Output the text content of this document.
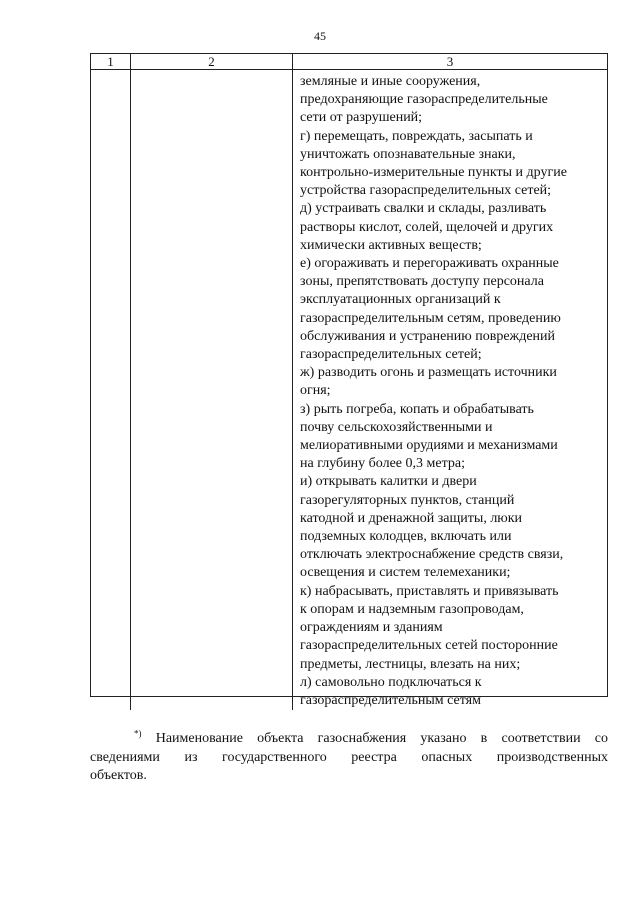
45
1	2	3
земляные и иные сооружения,
предохраняющие газораспределительные
сети от разрушений;
г) перемещать, повреждать, засыпать и
уничтожать опознавательные знаки,
контрольно-измерительные пункты и другие
устройства газораспределительных сетей;
д) устраивать свалки и склады, разливать
растворы кислот, солей, щелочей и других
химически активных веществ;
е) огораживать и перегораживать охранные
зоны, препятствовать доступу персонала
эксплуатационных организаций к
газораспределительным сетям, проведению
обслуживания и устранению повреждений
газораспределительных сетей;
ж) разводить огонь и размещать источники
огня;
з) рыть погреба, копать и обрабатывать
почву сельскохозяйственными и
мелиоративными орудиями и механизмами
на глубину более 0,3 метра;
и) открывать калитки и двери
газорегуляторных пунктов, станций
катодной и дренажной защиты, люки
подземных колодцев, включать или
отключать электроснабжение средств связи,
освещения и систем телемеханики;
к) набрасывать, приставлять и привязывать
к опорам и надземным газопроводам,
ограждениям и зданиям
газораспределительных сетей посторонние
предметы, лестницы, влезать на них;
л) самовольно подключаться к
газораспределительным сетям
*) Наименование объекта газоснабжения указано в соответствии со
сведениями из государственного реестра опасных производственных
объектов.
